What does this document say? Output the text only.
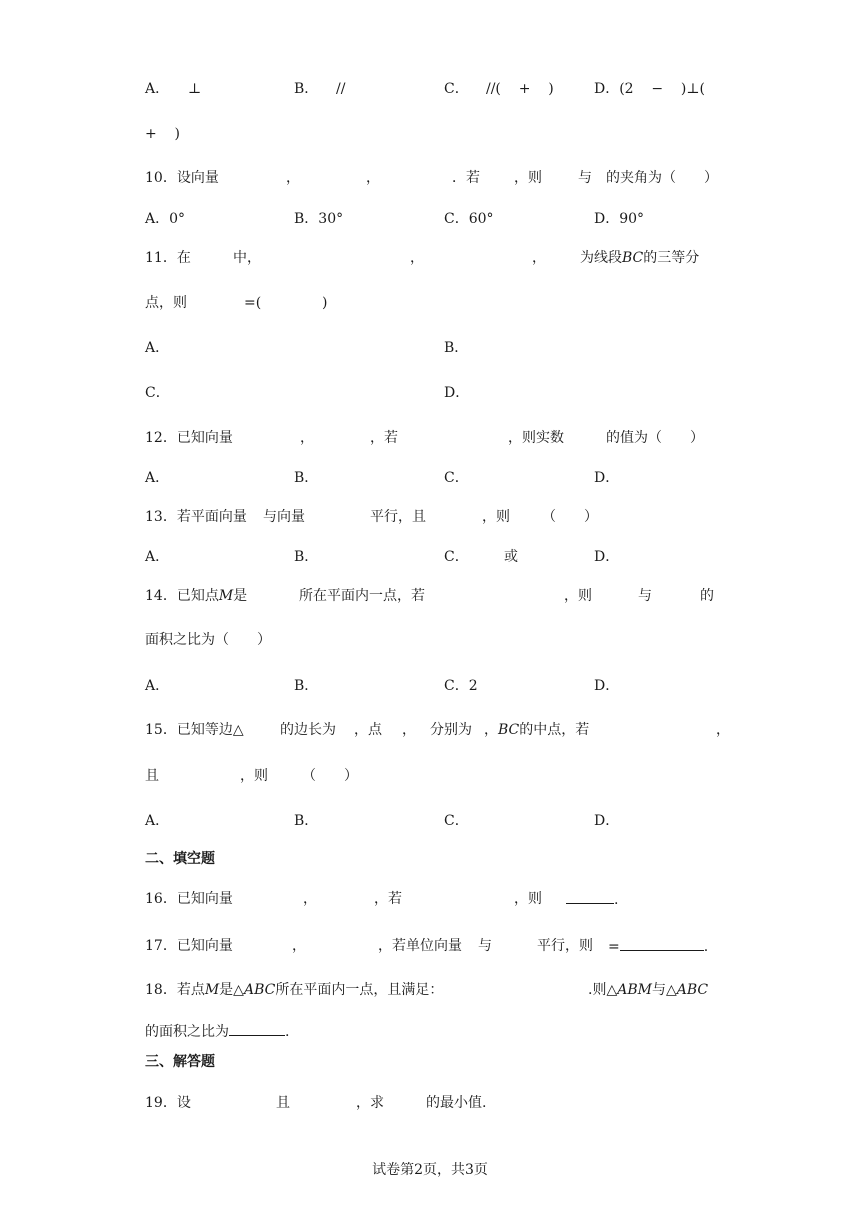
A． ⊥	B． //	C． //(    +    )	D．(2    −    )⊥(
+    )
10．设向量	，	，	．若 ，则	与 的夹角为（　　）
A．0°	B．30°	C．60°	D．90°
11．在	中，	，	， 为线段BC的三等分
点，则	=(	)
A．	B．
C．	D．
12．已知向量	，	，若	，则实数	的值为（　　）
A．	B．	C．	D．
13．若平面向量 与向量	平行，且	，则 （　　）
A．	B．	C．	或	D．
14．已知点M是	所在平面内一点，若	，则	与	的
面积之比为（　　）
A．	B．	C．2	D．
15．已知等边△	的边长为 ，点 ， 分别为 ，BC的中点，若	，
且	，则 （　　）
A．	B．	C．	D．
二、填空题
16．已知向量	，	，若	，则	.
17．已知向量	，	，若单位向量 与	平行，则 =	.
18．若点M是△ABC所在平面内一点，且满足：	.则△ABM与△ABC
的面积之比为	.
三、解答题
19．设	且	，求	的最小值.
试卷第2页，共3页
